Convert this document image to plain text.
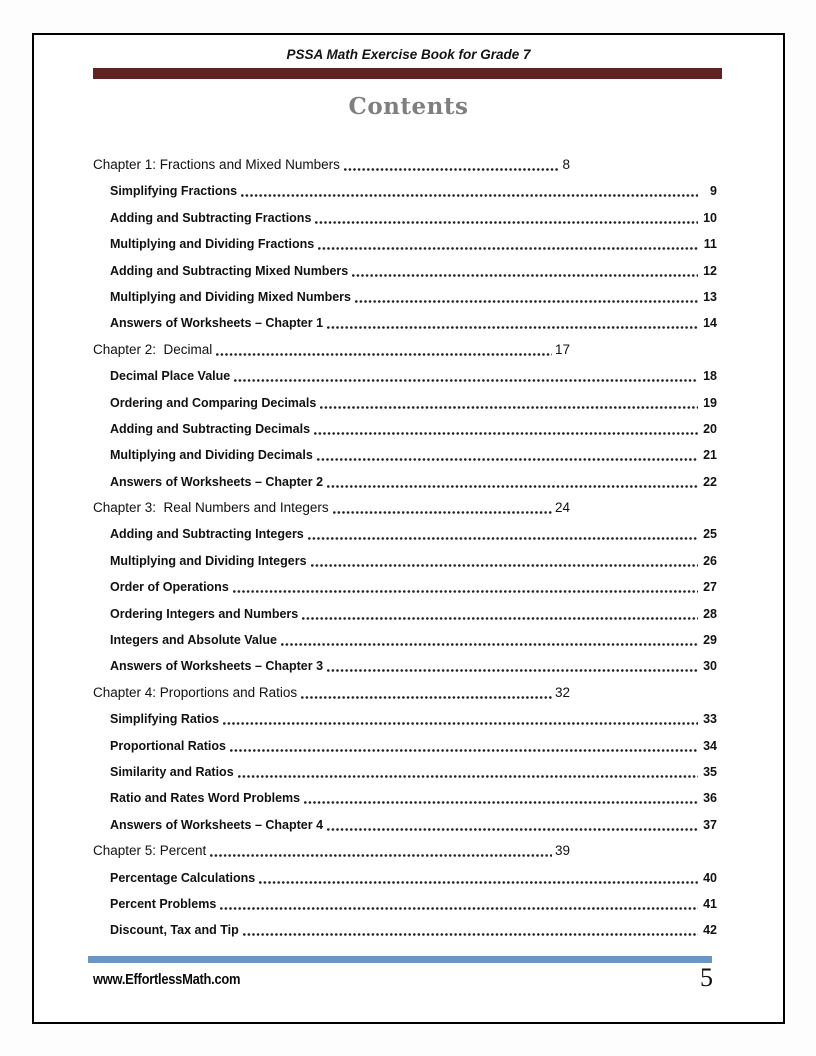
PSSA Math Exercise Book for Grade 7
Contents
Chapter 1: Fractions and Mixed Numbers	8
Simplifying Fractions	9
Adding and Subtracting Fractions	10
Multiplying and Dividing Fractions	11
Adding and Subtracting Mixed Numbers	12
Multiplying and Dividing Mixed Numbers	13
Answers of Worksheets – Chapter 1	14
Chapter 2:  Decimal	17
Decimal Place Value	18
Ordering and Comparing Decimals	19
Adding and Subtracting Decimals	20
Multiplying and Dividing Decimals	21
Answers of Worksheets – Chapter 2	22
Chapter 3:  Real Numbers and Integers	24
Adding and Subtracting Integers	25
Multiplying and Dividing Integers	26
Order of Operations	27
Ordering Integers and Numbers	28
Integers and Absolute Value	29
Answers of Worksheets – Chapter 3	30
Chapter 4: Proportions and Ratios	32
Simplifying Ratios	33
Proportional Ratios	34
Similarity and Ratios	35
Ratio and Rates Word Problems	36
Answers of Worksheets – Chapter 4	37
Chapter 5: Percent	39
Percentage Calculations	40
Percent Problems	41
Discount, Tax and Tip	42
www.EffortlessMath.com	5
